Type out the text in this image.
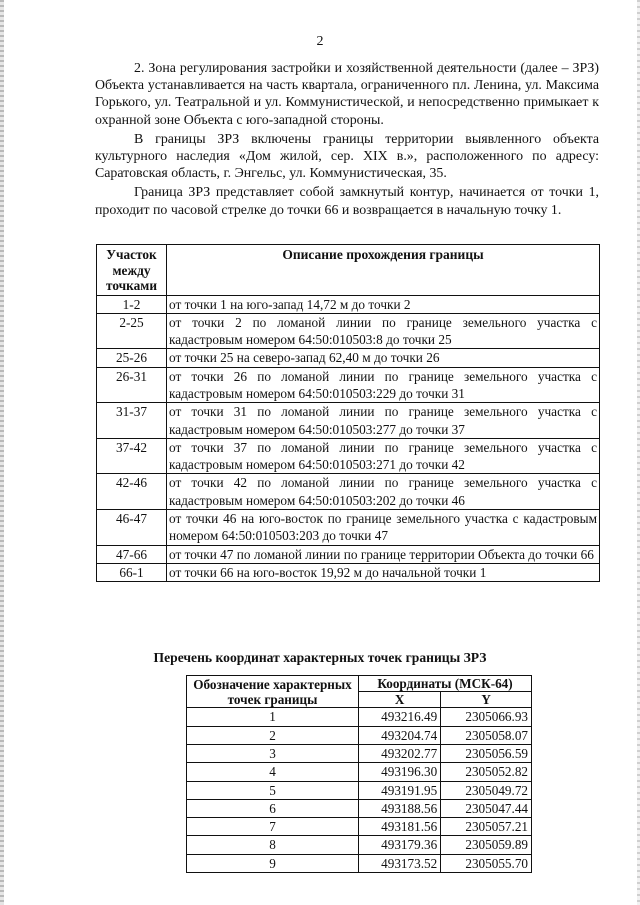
2

2. Зона регулирования застройки и хозяйственной деятельности (далее – ЗРЗ) Объекта устанавливается на часть квартала, ограниченного пл. Ленина, ул. Максима Горького, ул. Театральной и ул. Коммунистической, и непосредственно примыкает к охранной зоне Объекта с юго-западной стороны.

В границы ЗРЗ включены границы территории выявленного объекта культурного наследия «Дом жилой, сер. XIX в.», расположенного по адресу: Саратовская область, г. Энгельс, ул. Коммунистическая, 35.

Граница ЗРЗ представляет собой замкнутый контур, начинается от точки 1, проходит по часовой стрелке до точки 66 и возвращается в начальную точку 1.

Участок между точками	Описание прохождения границы
1-2	от точки 1 на юго-запад 14,72 м до точки 2
2-25	от точки 2 по ломаной линии по границе земельного участка с кадастровым номером 64:50:010503:8 до точки 25
25-26	от точки 25 на северо-запад 62,40 м до точки 26
26-31	от точки 26 по ломаной линии по границе земельного участка с кадастровым номером 64:50:010503:229 до точки 31
31-37	от точки 31 по ломаной линии по границе земельного участка с кадастровым номером 64:50:010503:277 до точки 37
37-42	от точки 37 по ломаной линии по границе земельного участка с кадастровым номером 64:50:010503:271 до точки 42
42-46	от точки 42 по ломаной линии по границе земельного участка с кадастровым номером 64:50:010503:202 до точки 46
46-47	от точки 46 на юго-восток по границе земельного участка с кадастровым номером 64:50:010503:203 до точки 47
47-66	от точки 47 по ломаной линии по границе территории Объекта до точки 66
66-1	от точки 66 на юго-восток 19,92 м до начальной точки 1
Перечень координат характерных точек границы ЗРЗ
Обозначение характерных точек границы	Координаты (МСК-64)	
	X	Y
1	493216.49	2305066.93
2	493204.74	2305058.07
3	493202.77	2305056.59
4	493196.30	2305052.82
5	493191.95	2305049.72
6	493188.56	2305047.44
7	493181.56	2305057.21
8	493179.36	2305059.89
9	493173.52	2305055.70
